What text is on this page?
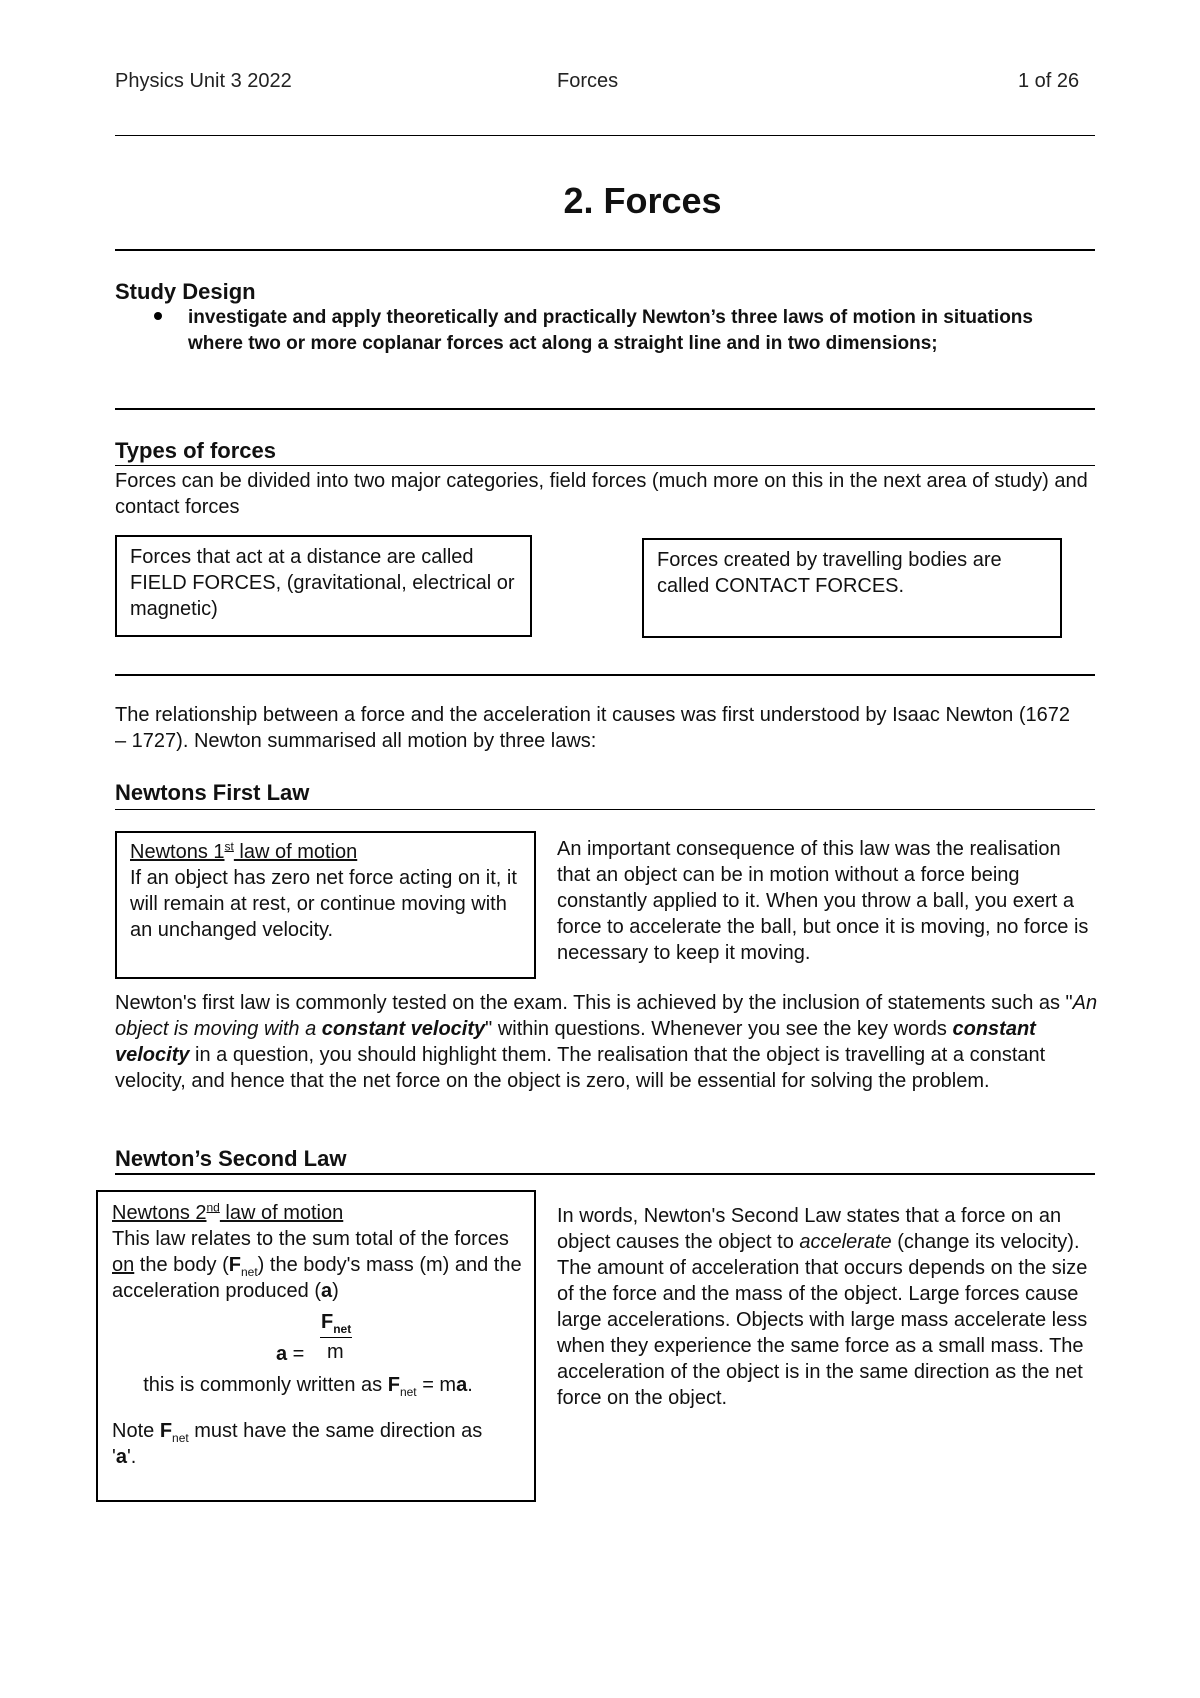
Physics Unit 3 2022	Forces	1 of 26
2. Forces
Study Design
investigate and apply theoretically and practically Newton’s three laws of motion in situations where two or more coplanar forces act along a straight line and in two dimensions;
Types of forces
Forces can be divided into two major categories, field forces (much more on this in the next area of study) and contact forces
Forces that act at a distance are called FIELD FORCES, (gravitational, electrical or magnetic)
Forces created by travelling bodies are called CONTACT FORCES.
The relationship between a force and the acceleration it causes was first understood by Isaac Newton (1672 – 1727). Newton summarised all motion by three laws:
Newtons First Law
Newtons 1st law of motion
If an object has zero net force acting on it, it will remain at rest, or continue moving with an unchanged velocity.
An important consequence of this law was the realisation that an object can be in motion without a force being constantly applied to it. When you throw a ball, you exert a force to accelerate the ball, but once it is moving, no force is necessary to keep it moving.
Newton's first law is commonly tested on the exam. This is achieved by the inclusion of statements such as "An object is moving with a constant velocity" within questions. Whenever you see the key words constant velocity in a question, you should highlight them. The realisation that the object is travelling at a constant velocity, and hence that the net force on the object is zero, will be essential for solving the problem.
Newton’s Second Law
Newtons 2nd law of motion
This law relates to the sum total of the forces on the body $(F_{net})$ the body's mass (m) and the acceleration produced (a)
$F_{net}$
a = m
this is commonly written as $F_{net}$ = ma.
Note $F_{net}$ must have the same direction as 'a'.
In words, Newton's Second Law states that a force on an object causes the object to accelerate (change its velocity). The amount of acceleration that occurs depends on the size of the force and the mass of the object. Large forces cause large accelerations. Objects with large mass accelerate less when they experience the same force as a small mass. The acceleration of the object is in the same direction as the net force on the object.
